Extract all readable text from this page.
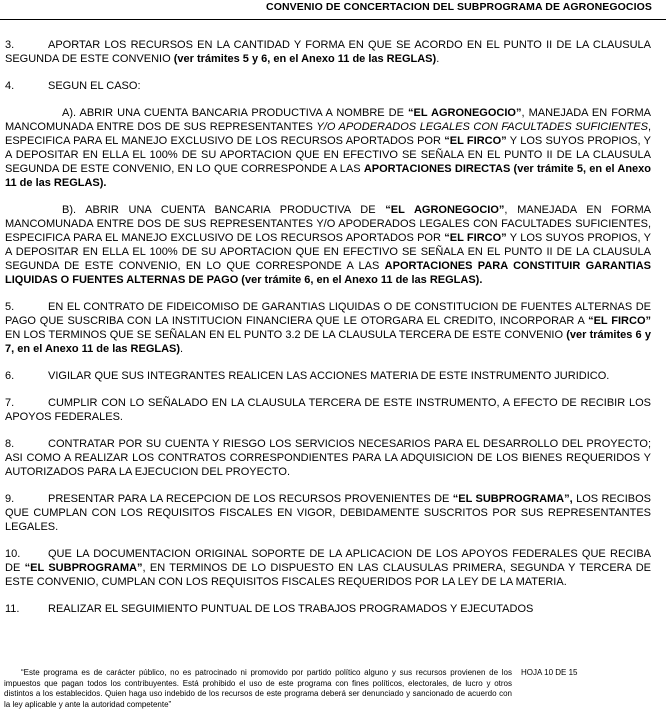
CONVENIO DE CONCERTACION DEL SUBPROGRAMA DE AGRONEGOCIOS

3.	APORTAR LOS RECURSOS EN LA CANTIDAD Y FORMA EN QUE SE ACORDO EN EL PUNTO II DE LA CLAUSULA SEGUNDA DE ESTE CONVENIO (ver trámites 5 y 6, en el Anexo 11 de las REGLAS).

4.	SEGUN EL CASO:

A). ABRIR UNA CUENTA BANCARIA PRODUCTIVA A NOMBRE DE “EL AGRONEGOCIO”, MANEJADA EN FORMA MANCOMUNADA ENTRE DOS DE SUS REPRESENTANTES Y/O APODERADOS LEGALES CON FACULTADES SUFICIENTES, ESPECIFICA PARA EL MANEJO EXCLUSIVO DE LOS RECURSOS APORTADOS POR “EL FIRCO” Y LOS SUYOS PROPIOS, Y A DEPOSITAR EN ELLA EL 100% DE SU APORTACION QUE EN EFECTIVO SE SEÑALA EN EL PUNTO II DE LA CLAUSULA SEGUNDA DE ESTE CONVENIO, EN LO QUE CORRESPONDE A LAS APORTACIONES DIRECTAS (ver trámite 5, en el Anexo 11 de las REGLAS).

B). ABRIR UNA CUENTA BANCARIA PRODUCTIVA DE “EL AGRONEGOCIO”, MANEJADA EN FORMA MANCOMUNADA ENTRE DOS DE SUS REPRESENTANTES Y/O APODERADOS LEGALES CON FACULTADES SUFICIENTES, ESPECIFICA PARA EL MANEJO EXCLUSIVO DE LOS RECURSOS APORTADOS POR “EL FIRCO” Y LOS SUYOS PROPIOS, Y A DEPOSITAR EN ELLA EL 100% DE SU APORTACION QUE EN EFECTIVO SE SEÑALA EN EL PUNTO II DE LA CLAUSULA SEGUNDA DE ESTE CONVENIO, EN LO QUE CORRESPONDE A LAS APORTACIONES PARA CONSTITUIR GARANTIAS LIQUIDAS O FUENTES ALTERNAS DE PAGO (ver trámite 6, en el Anexo 11 de las REGLAS).

5.	EN EL CONTRATO DE FIDEICOMISO DE GARANTIAS LIQUIDAS O DE CONSTITUCION DE FUENTES ALTERNAS DE PAGO QUE SUSCRIBA CON LA INSTITUCION FINANCIERA QUE LE OTORGARA EL CREDITO, INCORPORAR A “EL FIRCO” EN LOS TERMINOS QUE SE SEÑALAN EN EL PUNTO 3.2 DE LA CLAUSULA TERCERA DE ESTE CONVENIO (ver trámites 6 y 7, en el Anexo 11 de las REGLAS).

6.	VIGILAR QUE SUS INTEGRANTES REALICEN LAS ACCIONES MATERIA DE ESTE INSTRUMENTO JURIDICO.

7.	CUMPLIR CON LO SEÑALADO EN LA CLAUSULA TERCERA DE ESTE INSTRUMENTO, A EFECTO DE RECIBIR LOS APOYOS FEDERALES.

8.	CONTRATAR POR SU CUENTA Y RIESGO LOS SERVICIOS NECESARIOS PARA EL DESARROLLO DEL PROYECTO; ASI COMO A REALIZAR LOS CONTRATOS CORRESPONDIENTES PARA LA ADQUISICION DE LOS BIENES REQUERIDOS Y AUTORIZADOS PARA LA EJECUCION DEL PROYECTO.

9.	PRESENTAR PARA LA RECEPCION DE LOS RECURSOS PROVENIENTES DE “EL SUBPROGRAMA”, LOS RECIBOS QUE CUMPLAN CON LOS REQUISITOS FISCALES EN VIGOR, DEBIDAMENTE SUSCRITOS POR SUS REPRESENTANTES LEGALES.

10.	QUE LA DOCUMENTACION ORIGINAL SOPORTE DE LA APLICACION DE LOS APOYOS FEDERALES QUE RECIBA DE “EL SUBPROGRAMA”, EN TERMINOS DE LO DISPUESTO EN LAS CLAUSULAS PRIMERA, SEGUNDA Y TERCERA DE ESTE CONVENIO, CUMPLAN CON LOS REQUISITOS FISCALES REQUERIDOS POR LA LEY DE LA MATERIA.

11.	REALIZAR EL SEGUIMIENTO PUNTUAL DE LOS TRABAJOS PROGRAMADOS Y EJECUTADOS

“Este programa es de carácter público, no es patrocinado ni promovido por partido político alguno y sus recursos provienen de los impuestos que pagan todos los contribuyentes. Está prohibido el uso de este programa con fines políticos, electorales, de lucro y otros distintos a los establecidos. Quien haga uso indebido de los recursos de este programa deberá ser denunciado y sancionado de acuerdo con la ley aplicable y ante la autoridad competente”
HOJA 10 DE 15
